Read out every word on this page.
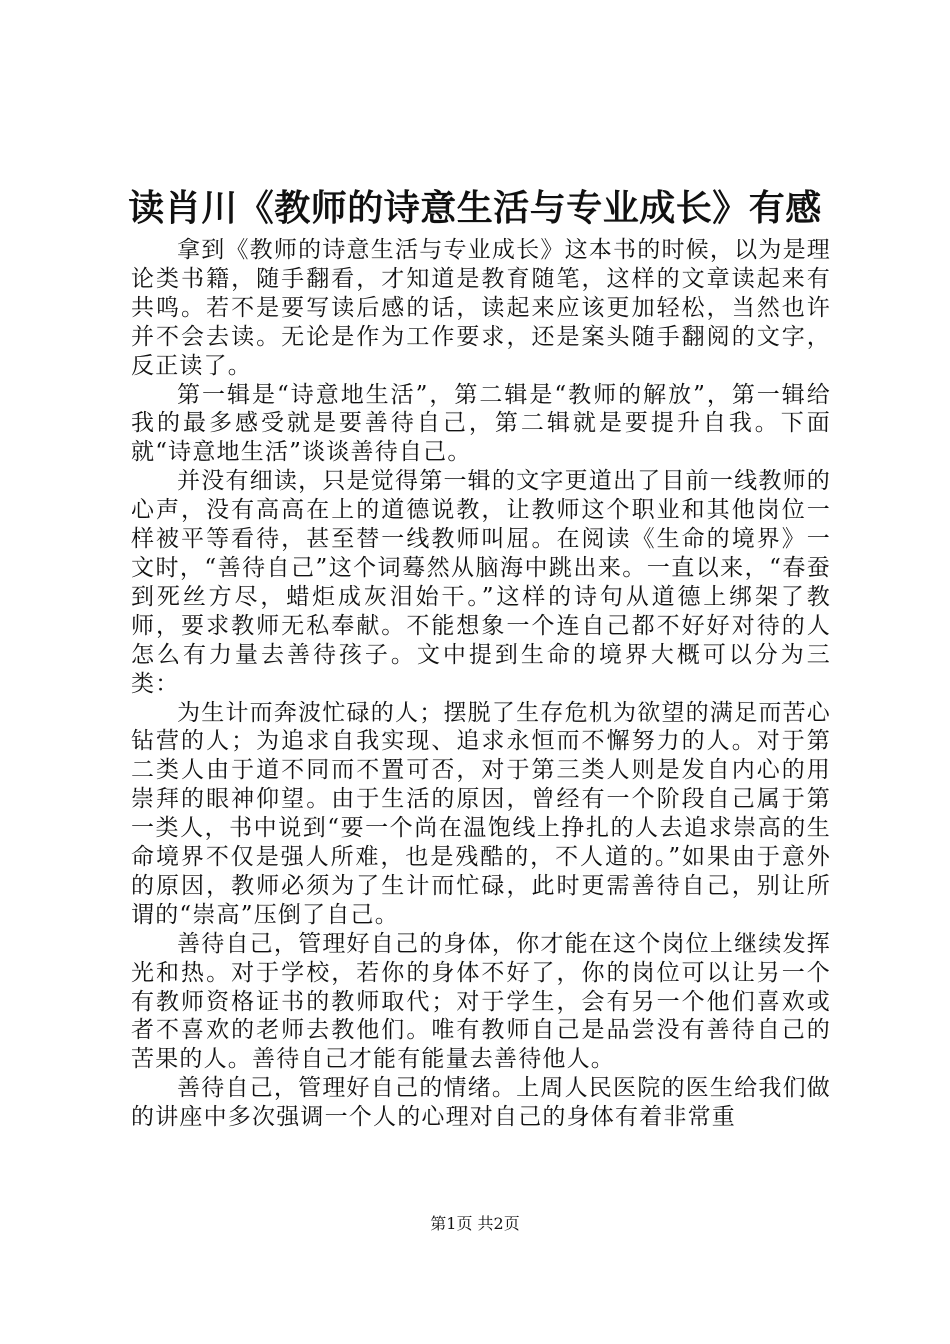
读肖川《教师的诗意生活与专业成长》有感

拿到《教师的诗意生活与专业成长》这本书的时候，以为是理论类书籍，随手翻看，才知道是教育随笔，这样的文章读起来有共鸣。若不是要写读后感的话，读起来应该更加轻松，当然也许并不会去读。无论是作为工作要求，还是案头随手翻阅的文字，反正读了。

第一辑是“诗意地生活”，第二辑是“教师的解放”，第一辑给我的最多感受就是要善待自己，第二辑就是要提升自我。下面就“诗意地生活”谈谈善待自己。

并没有细读，只是觉得第一辑的文字更道出了目前一线教师的心声，没有高高在上的道德说教，让教师这个职业和其他岗位一样被平等看待，甚至替一线教师叫屈。在阅读《生命的境界》一文时，“善待自己”这个词蓦然从脑海中跳出来。一直以来，“春蚕到死丝方尽，蜡炬成灰泪始干。”这样的诗句从道德上绑架了教师，要求教师无私奉献。不能想象一个连自己都不好好对待的人怎么有力量去善待孩子。文中提到生命的境界大概可以分为三类：

为生计而奔波忙碌的人；摆脱了生存危机为欲望的满足而苦心钻营的人；为追求自我实现、追求永恒而不懈努力的人。对于第二类人由于道不同而不置可否，对于第三类人则是发自内心的用崇拜的眼神仰望。由于生活的原因，曾经有一个阶段自己属于第一类人，书中说到“要一个尚在温饱线上挣扎的人去追求崇高的生命境界不仅是强人所难，也是残酷的，不人道的。”如果由于意外的原因，教师必须为了生计而忙碌，此时更需善待自己，别让所谓的“崇高”压倒了自己。

善待自己，管理好自己的身体，你才能在这个岗位上继续发挥光和热。对于学校，若你的身体不好了，你的岗位可以让另一个有教师资格证书的教师取代；对于学生，会有另一个他们喜欢或者不喜欢的老师去教他们。唯有教师自己是品尝没有善待自己的苦果的人。善待自己才能有能量去善待他人。

善待自己，管理好自己的情绪。上周人民医院的医生给我们做的讲座中多次强调一个人的心理对自己的身体有着非常重

第1页 共2页
